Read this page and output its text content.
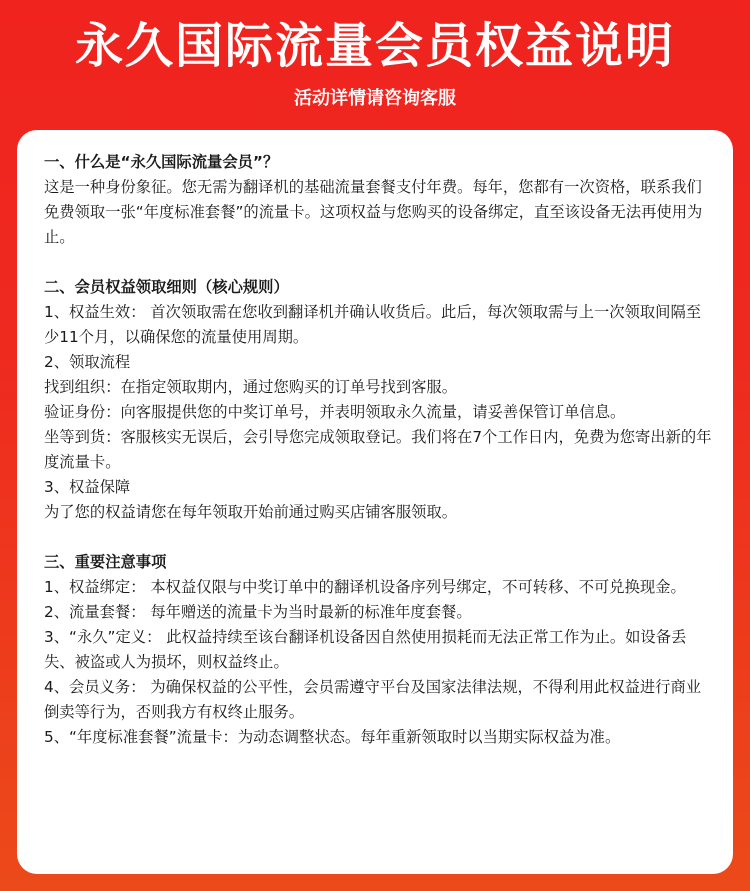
永久国际流量会员权益说明
活动详情请咨询客服

一、什么是“永久国际流量会员”？

这是一种身份象征。您无需为翻译机的基础流量套餐支付年费。每年，您都有一次资格，联系我们免费领取一张“年度标准套餐”的流量卡。这项权益与您购买的设备绑定，直至该设备无法再使用为止。

二、会员权益领取细则（核心规则）

1、权益生效： 首次领取需在您收到翻译机并确认收货后。此后，每次领取需与上一次领取间隔至少11个月，以确保您的流量使用周期。

2、领取流程

找到组织：在指定领取期内，通过您购买的订单号找到客服。

验证身份：向客服提供您的中奖订单号，并表明领取永久流量，请妥善保管订单信息。

坐等到货：客服核实无误后，会引导您完成领取登记。我们将在7个工作日内，免费为您寄出新的年度流量卡。

3、权益保障

为了您的权益请您在每年领取开始前通过购买店铺客服领取。

三、重要注意事项

1、权益绑定： 本权益仅限与中奖订单中的翻译机设备序列号绑定，不可转移、不可兑换现金。

2、流量套餐： 每年赠送的流量卡为当时最新的标准年度套餐。

3、“永久”定义： 此权益持续至该台翻译机设备因自然使用损耗而无法正常工作为止。如设备丢失、被盗或人为损坏，则权益终止。

4、会员义务： 为确保权益的公平性，会员需遵守平台及国家法律法规，不得利用此权益进行商业倒卖等行为，否则我方有权终止服务。

5、“年度标准套餐”流量卡：为动态调整状态。每年重新领取时以当期实际权益为准。
